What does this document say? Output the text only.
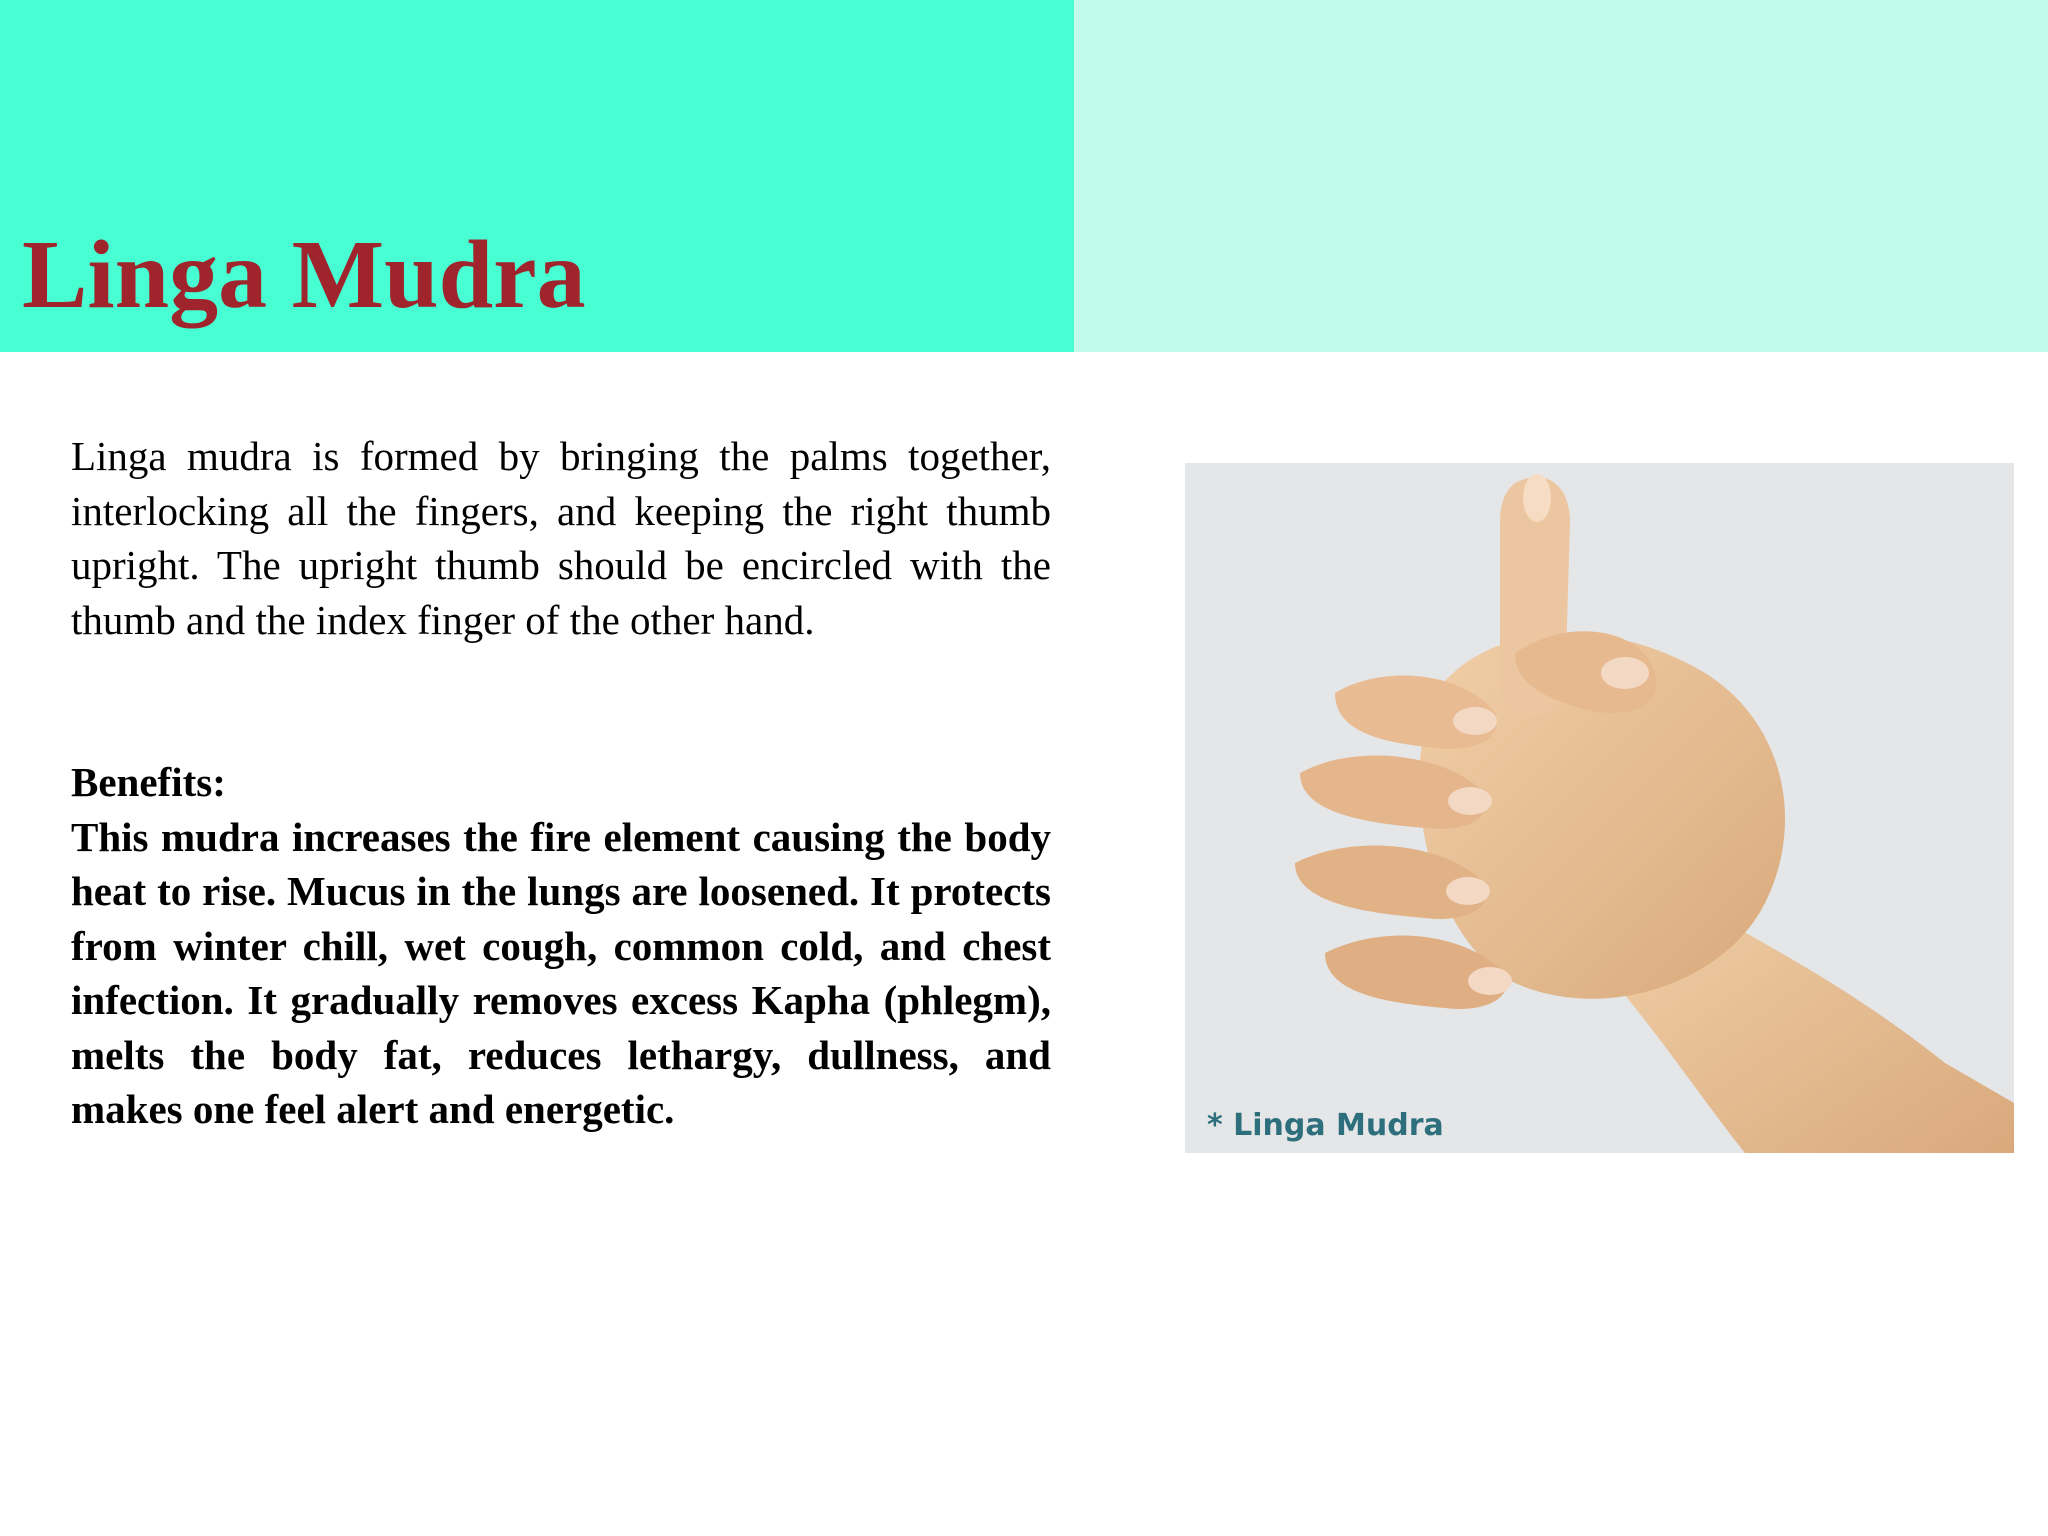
Linga Mudra

Linga mudra is formed by bringing the palms together, interlocking all the fingers, and keeping the right thumb upright. The upright thumb should be encircled with the thumb and the index finger of the other hand.

Benefits:

This mudra increases the fire element causing the body heat to rise. Mucus in the lungs are loosened. It protects from winter chill, wet cough, common cold, and chest infection. It gradually removes excess Kapha (phlegm), melts the body fat, reduces lethargy, dullness, and makes one feel alert and energetic.	* Linga Mudra
